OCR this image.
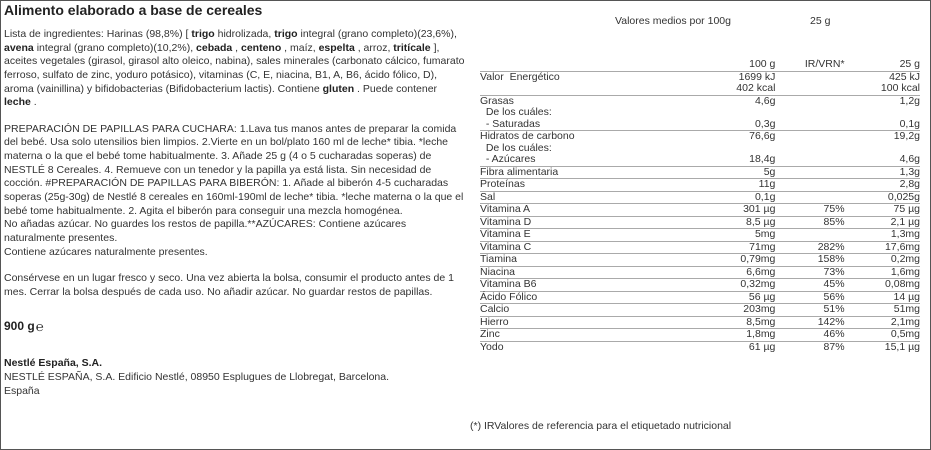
Alimento elaborado a base de cereales

Lista de ingredientes: Harinas (98,8%) [ trigo hidrolizada, trigo integral (grano completo)(23,6%), avena integral (grano completo)(10,2%), cebada , centeno , maíz, espelta , arroz, tritícale ], aceites vegetales (girasol, girasol alto oleico, nabina), sales minerales (carbonato cálcico, fumarato ferroso, sulfato de zinc, yoduro potásico), vitaminas (C, E, niacina, B1, A, B6, ácido fólico, D), aroma (vainillina) y bifidobacterias (Bifidobacterium lactis). Contiene gluten . Puede contener leche .

PREPARACIÓN DE PAPILLAS PARA CUCHARA: 1.Lava tus manos antes de preparar la comida del bebé. Usa solo utensilios bien limpios. 2.Vierte en un bol/plato 160 ml de leche* tibia. *leche materna o la que el bebé tome habitualmente. 3. Añade 25 g (4 o 5 cucharadas soperas) de NESTLÉ 8 Cereales. 4. Remueve con un tenedor y la papilla ya está lista. Sin necesidad de cocción. #PREPARACIÓN DE PAPILLAS PARA BIBERÓN: 1. Añade al biberón 4-5 cucharadas soperas (25g-30g) de Nestlé 8 cereales en 160ml-190ml de leche* tibia. *leche materna o la que el bebé tome habitualmente. 2. Agita el biberón para conseguir una mezcla homogénea.

No añadas azúcar. No guardes los restos de papilla.**AZÚCARES: Contiene azúcares naturalmente presentes.

Contiene azúcares naturalmente presentes.

Consérvese en un lugar fresco y seco. Una vez abierta la bolsa, consumir el producto antes de 1 mes. Cerrar la bolsa después de cada uso. No añadir azúcar. No guardar restos de papillas.

900 g ℮

Nestlé España, S.A.

NESTLÉ ESPAÑA, S.A. Edificio Nestlé, 08950 Esplugues de Llobregat, Barcelona.

España

Valores medios por 100g	25 g
	100 g	IR/VRN*	25 g
Valor  Energético	1699 kJ		425 kJ
	402 kcal		100 kcal
Grasas	4,6g		1,2g
De los cuáles:			
- Saturadas	0,3g		0,1g
Hidratos de carbono	76,6g		19,2g
De los cuáles:			
- Azúcares	18,4g		4,6g
Fibra alimentaria	5g		1,3g
Proteínas	11g		2,8g
Sal	0,1g		0,025g
Vitamina A	301 µg	75%	75 µg
Vitamina D	8,5 µg	85%	2,1 µg
Vitamina E	5mg		1,3mg
Vitamina C	71mg	282%	17,6mg
Tiamina	0,79mg	158%	0,2mg
Niacina	6,6mg	73%	1,6mg
Vitamina B6	0,32mg	45%	0,08mg
Ácido Fólico	56 µg	56%	14 µg
Calcio	203mg	51%	51mg
Hierro	8,5mg	142%	2,1mg
Zinc	1,8mg	46%	0,5mg
Yodo	61 µg	87%	15,1 µg
(*) IRValores de referencia para el etiquetado nutricional
